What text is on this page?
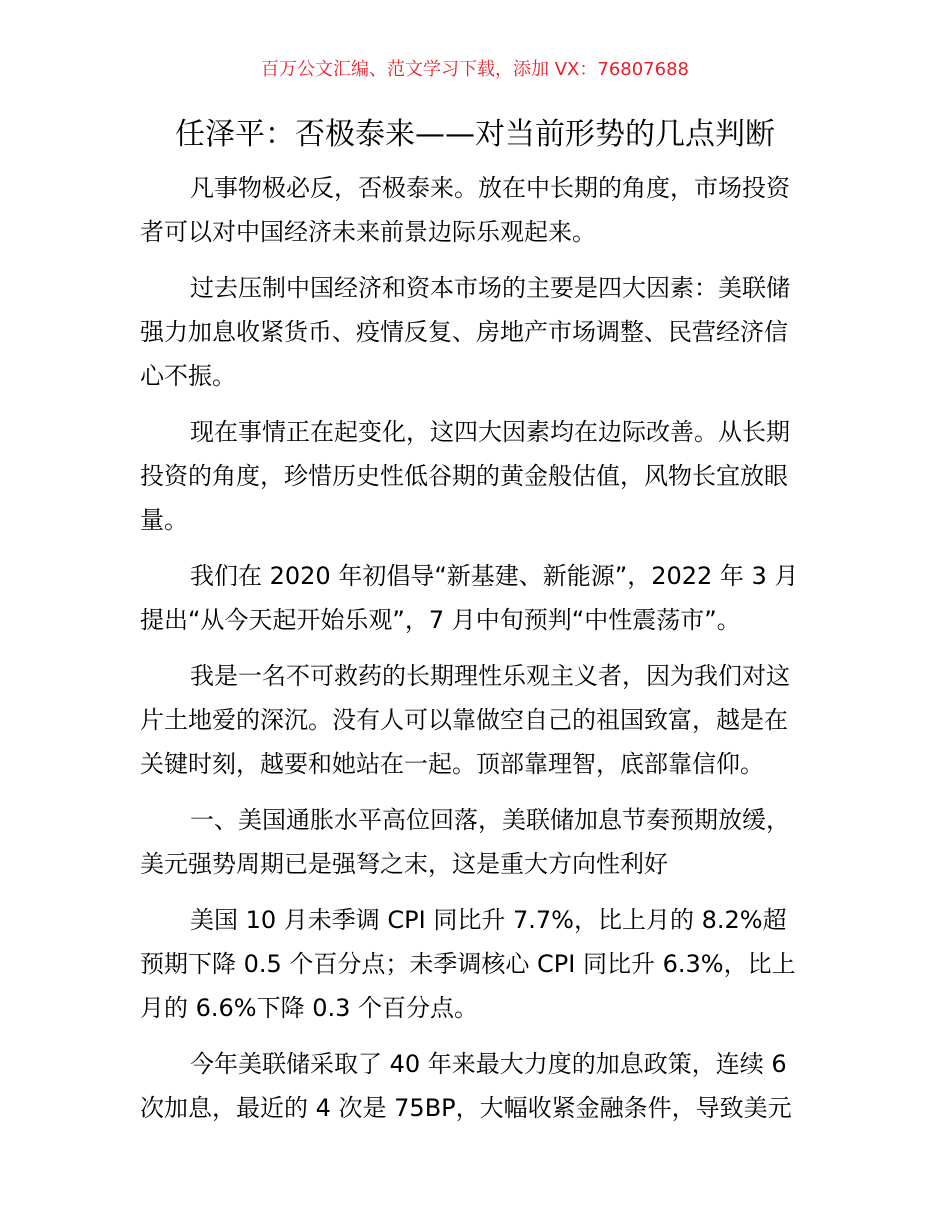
百万公文汇编、范文学习下载，添加 VX：76807688
任泽平：否极泰来——对当前形势的几点判断
凡事物极必反，否极泰来。放在中长期的角度，市场投资
者可以对中国经济未来前景边际乐观起来。
过去压制中国经济和资本市场的主要是四大因素：美联储
强力加息收紧货币、疫情反复、房地产市场调整、民营经济信
心不振。
现在事情正在起变化，这四大因素均在边际改善。从长期
投资的角度，珍惜历史性低谷期的黄金般估值，风物长宜放眼
量。
我们在 2020 年初倡导“新基建、新能源”，2022 年 3 月
提出“从今天起开始乐观”，7 月中旬预判“中性震荡市”。
我是一名不可救药的长期理性乐观主义者，因为我们对这
片土地爱的深沉。没有人可以靠做空自己的祖国致富，越是在
关键时刻，越要和她站在一起。顶部靠理智，底部靠信仰。
一、美国通胀水平高位回落，美联储加息节奏预期放缓，
美元强势周期已是强弩之末，这是重大方向性利好
美国 10 月未季调 CPI 同比升 7.7%，比上月的 8.2%超
预期下降 0.5 个百分点；未季调核心 CPI 同比升 6.3%，比上
月的 6.6%下降 0.3 个百分点。
今年美联储采取了 40 年来最大力度的加息政策，连续 6
次加息，最近的 4 次是 75BP，大幅收紧金融条件，导致美元
